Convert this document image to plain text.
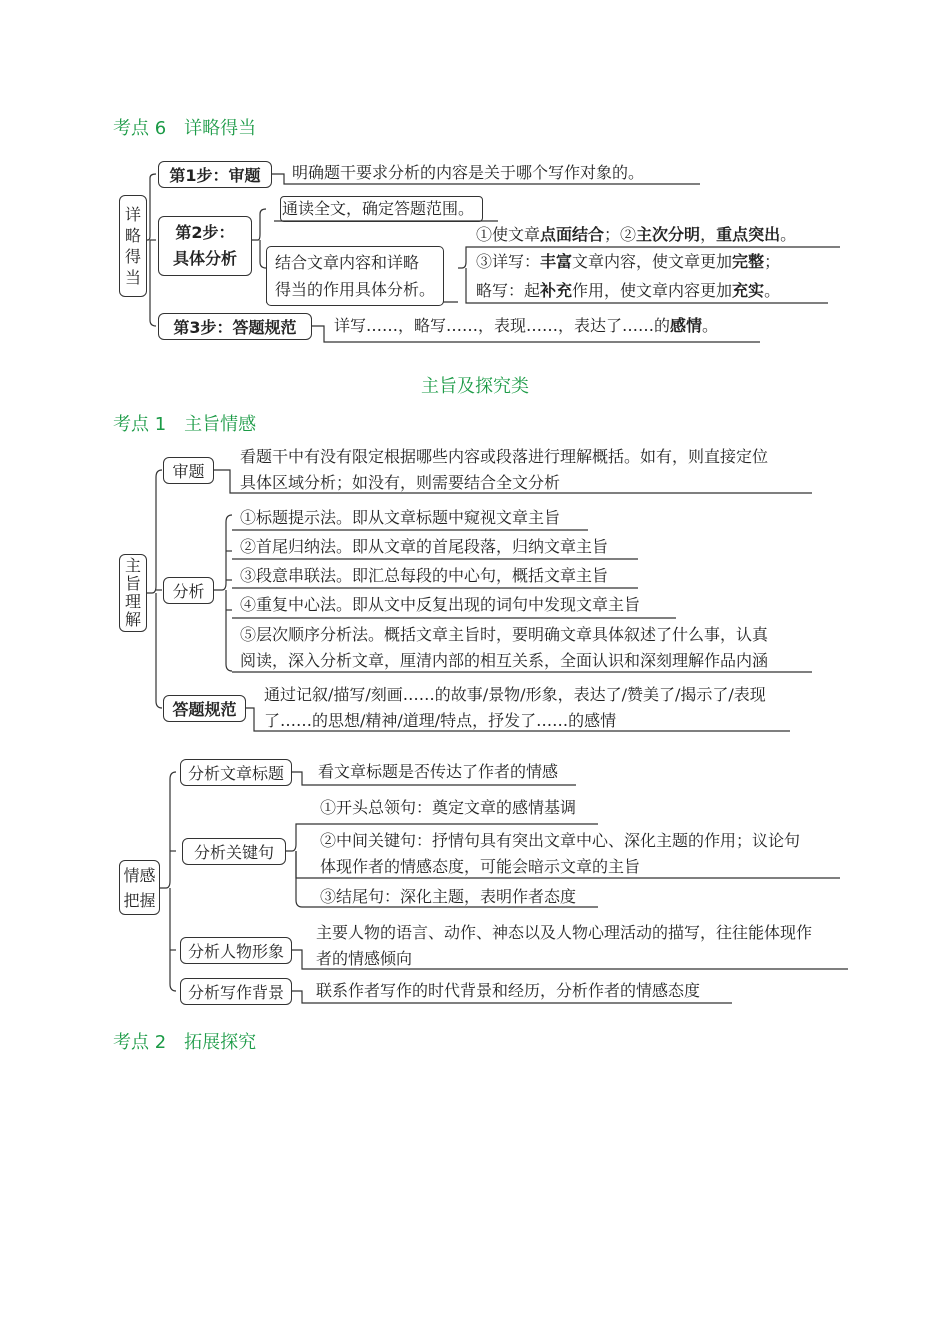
考点 6　详略得当
详
略
得
当
第1步：审题	明确题干要求分析的内容是关于哪个写作对象的。
第2步：
具体分析
通读全文，确定答题范围。
结合文章内容和详略
得当的作用具体分析。
①使文章点面结合；②主次分明，重点突出。
③详写：丰富文章内容，使文章更加完整；
略写：起补充作用，使文章内容更加充实。
第3步：答题规范	详写……，略写……，表现……，表达了……的感情。
主旨及探究类
考点 1　主旨情感
主
旨
理
解
审题
看题干中有没有限定根据哪些内容或段落进行理解概括。如有，则直接定位
具体区域分析；如没有，则需要结合全文分析
分析
①标题提示法。即从文章标题中窥视文章主旨
②首尾归纳法。即从文章的首尾段落，归纳文章主旨
③段意串联法。即汇总每段的中心句，概括文章主旨
④重复中心法。即从文中反复出现的词句中发现文章主旨
⑤层次顺序分析法。概括文章主旨时，要明确文章具体叙述了什么事，认真
阅读，深入分析文章，厘清内部的相互关系，全面认识和深刻理解作品内涵
答题规范
通过记叙/描写/刻画……的故事/景物/形象，表达了/赞美了/揭示了/表现
了……的思想/精神/道理/特点，抒发了……的感情
情感
把握
分析文章标题	看文章标题是否传达了作者的情感
分析关键句
①开头总领句：奠定文章的感情基调
②中间关键句：抒情句具有突出文章中心、深化主题的作用；议论句
体现作者的情感态度，可能会暗示文章的主旨
③结尾句：深化主题，表明作者态度
分析人物形象
主要人物的语言、动作、神态以及人物心理活动的描写，往往能体现作
者的情感倾向
分析写作背景	联系作者写作的时代背景和经历，分析作者的情感态度
考点 2　拓展探究
